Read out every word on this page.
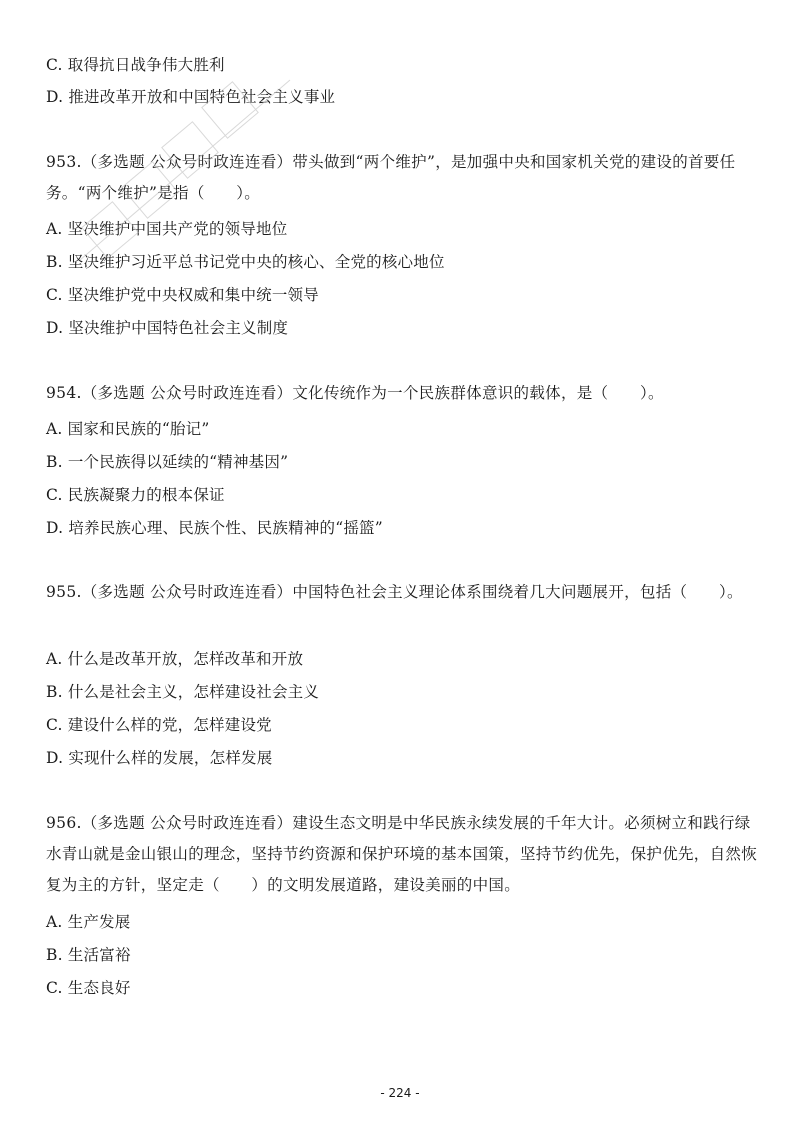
C. 取得抗日战争伟大胜利
D. 推进改革开放和中国特色社会主义事业
953.（多选题 公众号时政连连看）带头做到“两个维护”，是加强中央和国家机关党的建设的首要任务。“两个维护”是指（　　）。
A. 坚决维护中国共产党的领导地位
B. 坚决维护习近平总书记党中央的核心、全党的核心地位
C. 坚决维护党中央权威和集中统一领导
D. 坚决维护中国特色社会主义制度
954.（多选题 公众号时政连连看）文化传统作为一个民族群体意识的载体，是（　　）。
A. 国家和民族的“胎记”
B. 一个民族得以延续的“精神基因”
C. 民族凝聚力的根本保证
D. 培养民族心理、民族个性、民族精神的“摇篮”
955.（多选题 公众号时政连连看）中国特色社会主义理论体系围绕着几大问题展开，包括（　　）。
A. 什么是改革开放，怎样改革和开放
B. 什么是社会主义，怎样建设社会主义
C. 建设什么样的党，怎样建设党
D. 实现什么样的发展，怎样发展
956.（多选题 公众号时政连连看）建设生态文明是中华民族永续发展的千年大计。必须树立和践行绿水青山就是金山银山的理念，坚持节约资源和保护环境的基本国策，坚持节约优先，保护优先，自然恢复为主的方针，坚定走（　　）的文明发展道路，建设美丽的中国。
A. 生产发展
B. 生活富裕
C. 生态良好
- 224 -
